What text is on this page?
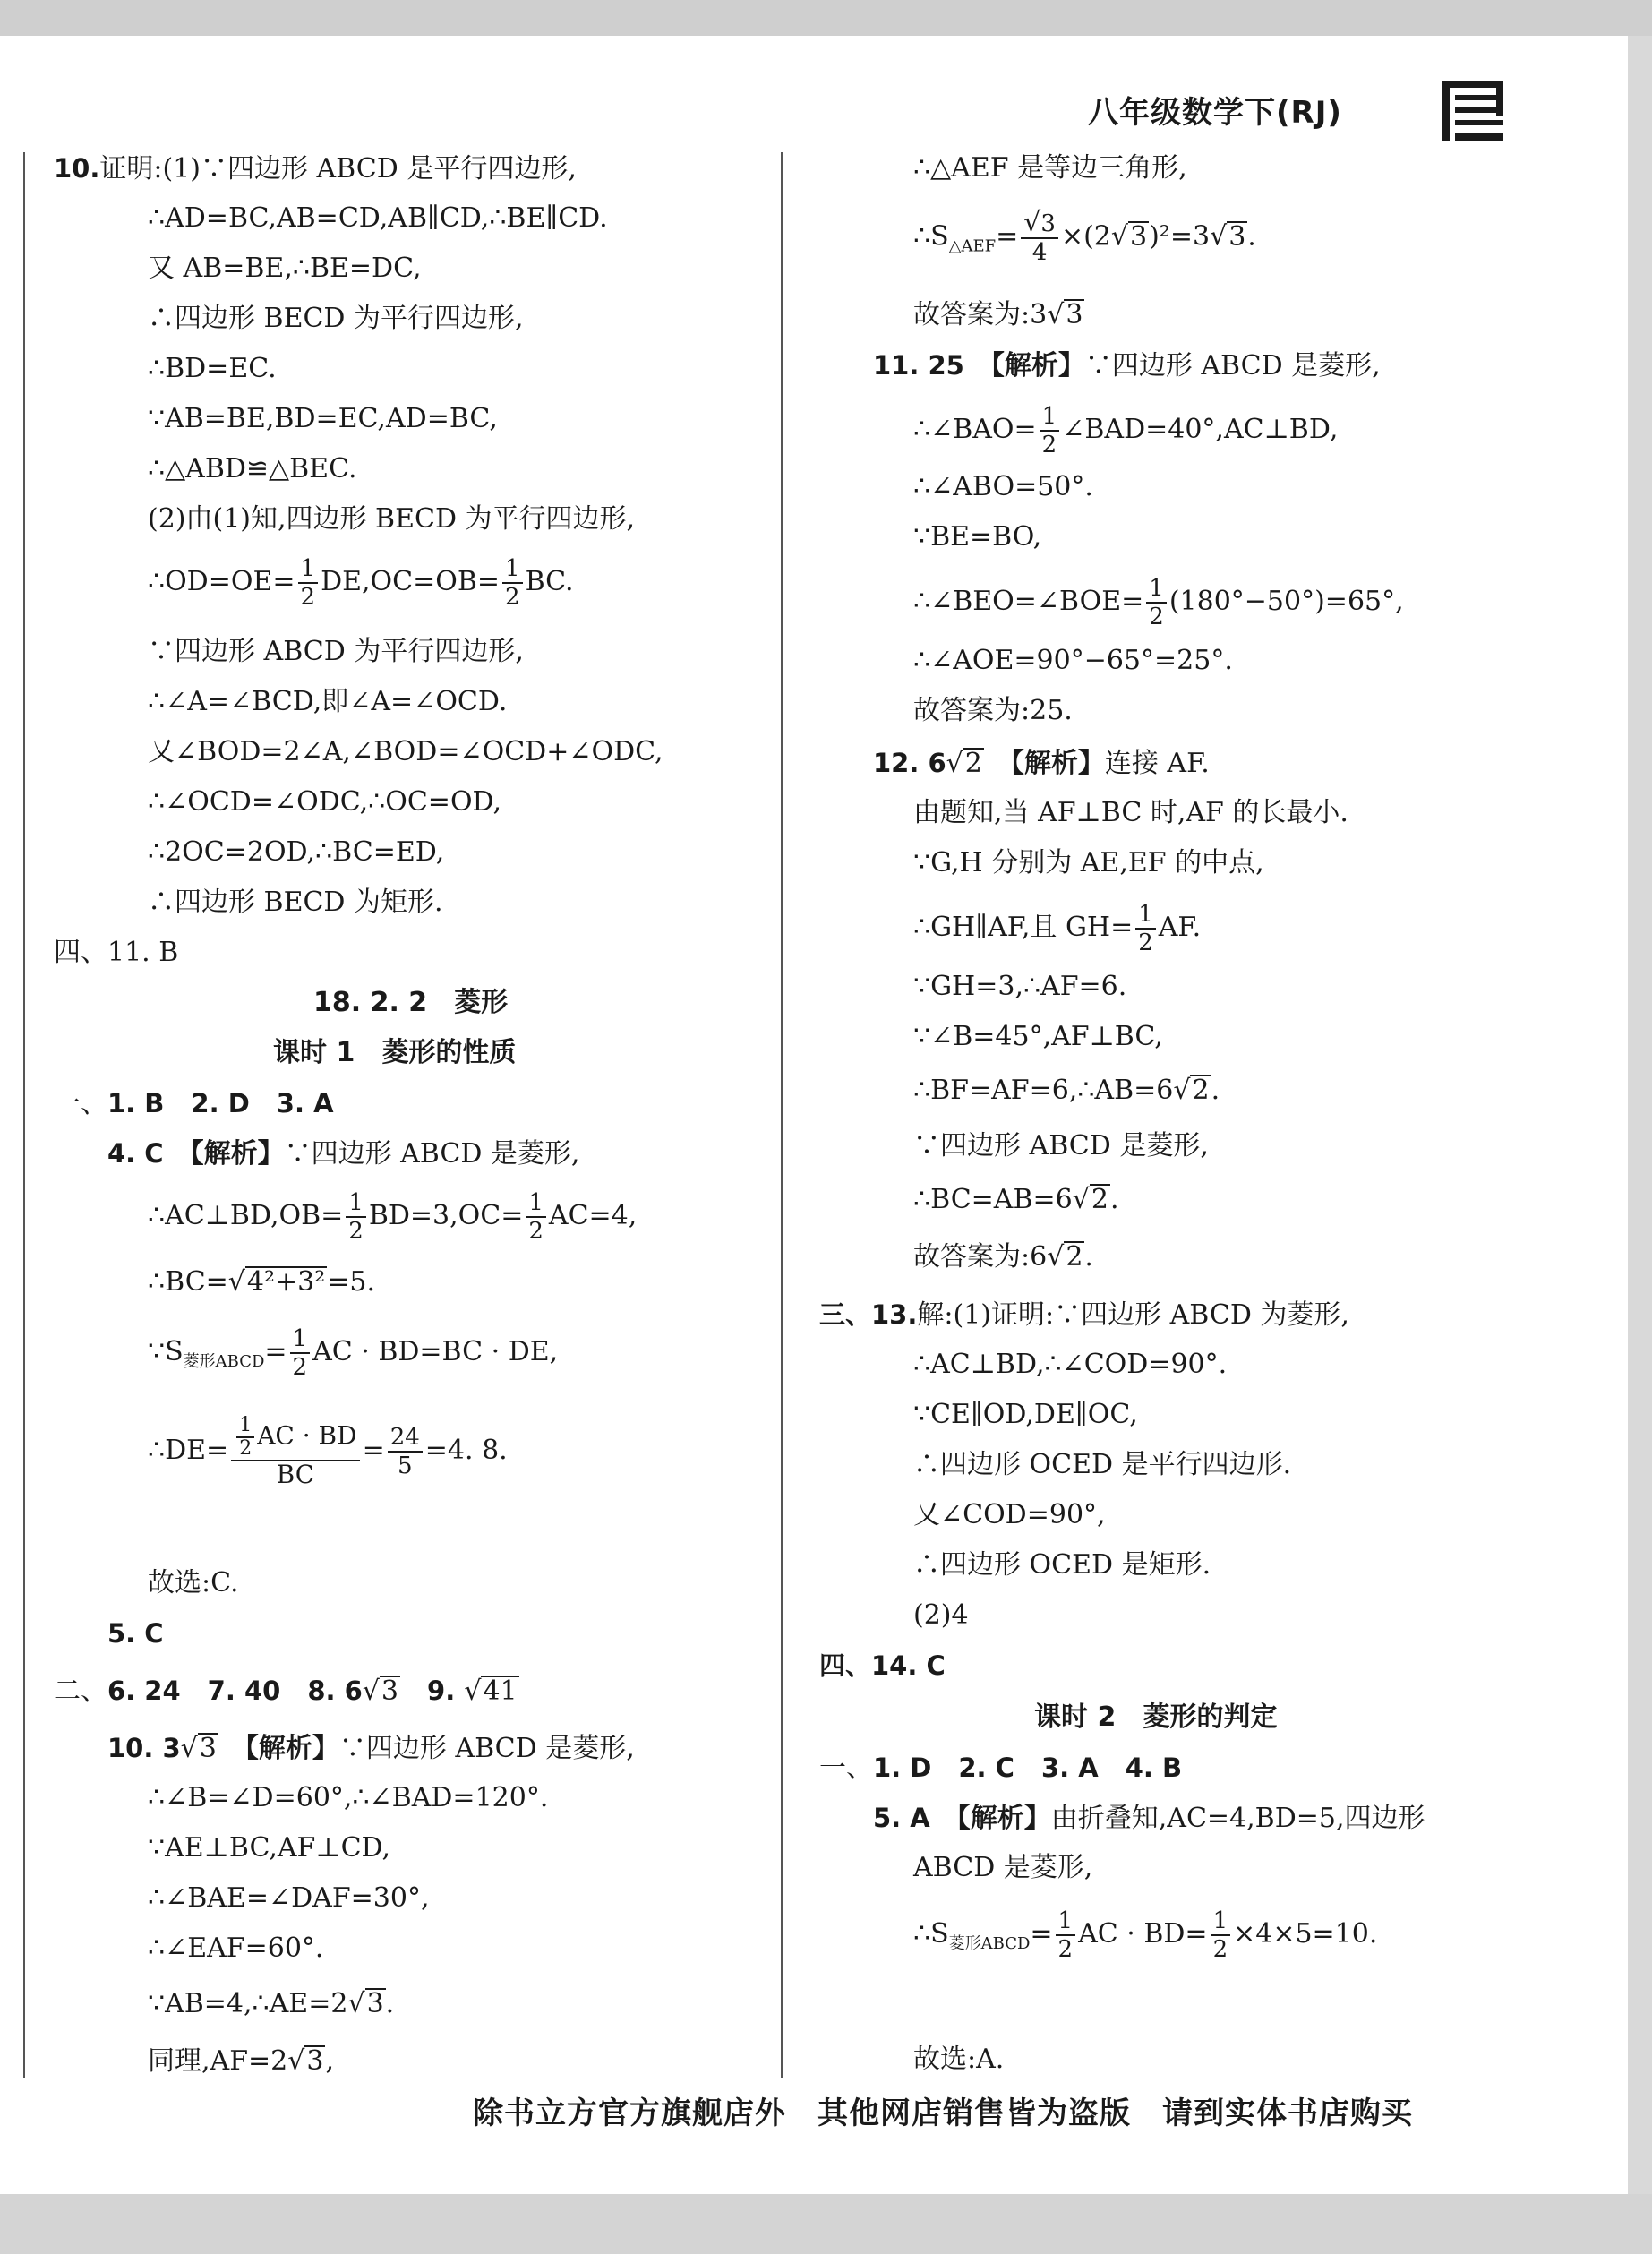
八年级数学下(RJ)
10.证明:(1)∵四边形 ABCD 是平行四边形,
∴AD=BC,AB=CD,AB∥CD,∴BE∥CD.
又 AB=BE,∴BE=DC,
∴四边形 BECD 为平行四边形,
∴BD=EC.
∵AB=BE,BD=EC,AD=BC,
∴△ABD≌△BEC.
(2)由(1)知,四边形 BECD 为平行四边形,
∴OD=OE= $\frac{1}{2} DE,OC=OB= \frac{1}{2}$ BC.
∵四边形 ABCD 为平行四边形,
∴∠A=∠BCD,即∠A=∠OCD.
又∠BOD=2∠A,∠BOD=∠OCD+∠ODC,
∴∠OCD=∠ODC,∴OC=OD,
∴2OC=2OD,∴BC=ED,
∴四边形 BECD 为矩形.
四、11. B
18. 2. 2　菱形
课时 1　菱形的性质
一、1. B　 2. D　 3. A
4. C　 【解析】∵四边形 ABCD 是菱形,
∴AC⊥BD,OB= $\frac{1}{2} BD=3,OC= \frac{1}{2} AC=4$,
∴BC=√4²+3²=5.
$\because S_{菱形ABCD}= \frac{1}{2}$ AC · BD=BC · DE,
∴DE= $\frac{\frac{1}{2} AC \cdot BD}{BC} = \frac{24}{5} =4$. 8.
故选:C.
5. C
二、6. 24　 7. 40　 8. 6√3　 9. √41
10. 3√3　 【解析】∵四边形 ABCD 是菱形,
∴∠B=∠D=60°,∴∠BAD=120°.
∵AE⊥BC,AF⊥CD,
∴∠BAE=∠DAF=30°,
∴∠EAF=60°.
∵AB=4,∴AE=2√3.
同理,AF=2√3,
∴△AEF 是等边三角形,
$\therefore S_{\triangle AEF}= \frac{√3}{4} \times(2√3)^2=3√3$.
故答案为:3√3
11. 25　 【解析】∵四边形 ABCD 是菱形,
∴∠BAO= $\frac{1}{2}$ ∠BAD=40°,AC⊥BD,
∴∠ABO=50°.
∵BE=BO,
∴∠BEO=∠BOE= $\frac{1}{2} (180^\circ-50^\circ)=65^\circ$,
∴∠AOE=90°−65°=25°.
故答案为:25.
12. 6√2　 【解析】连接 AF.
由题知,当 AF⊥BC 时,AF 的长最小.
∵G,H 分别为 AE,EF 的中点,
∴GH∥AF,且 $GH= \frac{1}{2}$ AF.
∵GH=3,∴AF=6.
∵∠B=45°,AF⊥BC,
∴BF=AF=6,∴AB=6√2.
∵四边形 ABCD 是菱形,
∴BC=AB=6√2.
故答案为:6√2.
三、13.解:(1)证明:∵四边形 ABCD 为菱形,
∴AC⊥BD,∴∠COD=90°.
∵CE∥OD,DE∥OC,
∴四边形 OCED 是平行四边形.
又∠COD=90°,
∴四边形 OCED 是矩形.
(2)4
四、14. C
课时 2　菱形的判定
一、1. D　 2. C　 3. A　 4. B
5. A　 【解析】由折叠知,AC=4,BD=5,四边形
ABCD 是菱形,
$\therefore S_{菱形ABCD}= \frac{1}{2}$ AC · $BD= \frac{1}{2} \times 4\times 5=10$.
故选:A.
除书立方官方旗舰店外　其他网店销售皆为盗版　请到实体书店购买
